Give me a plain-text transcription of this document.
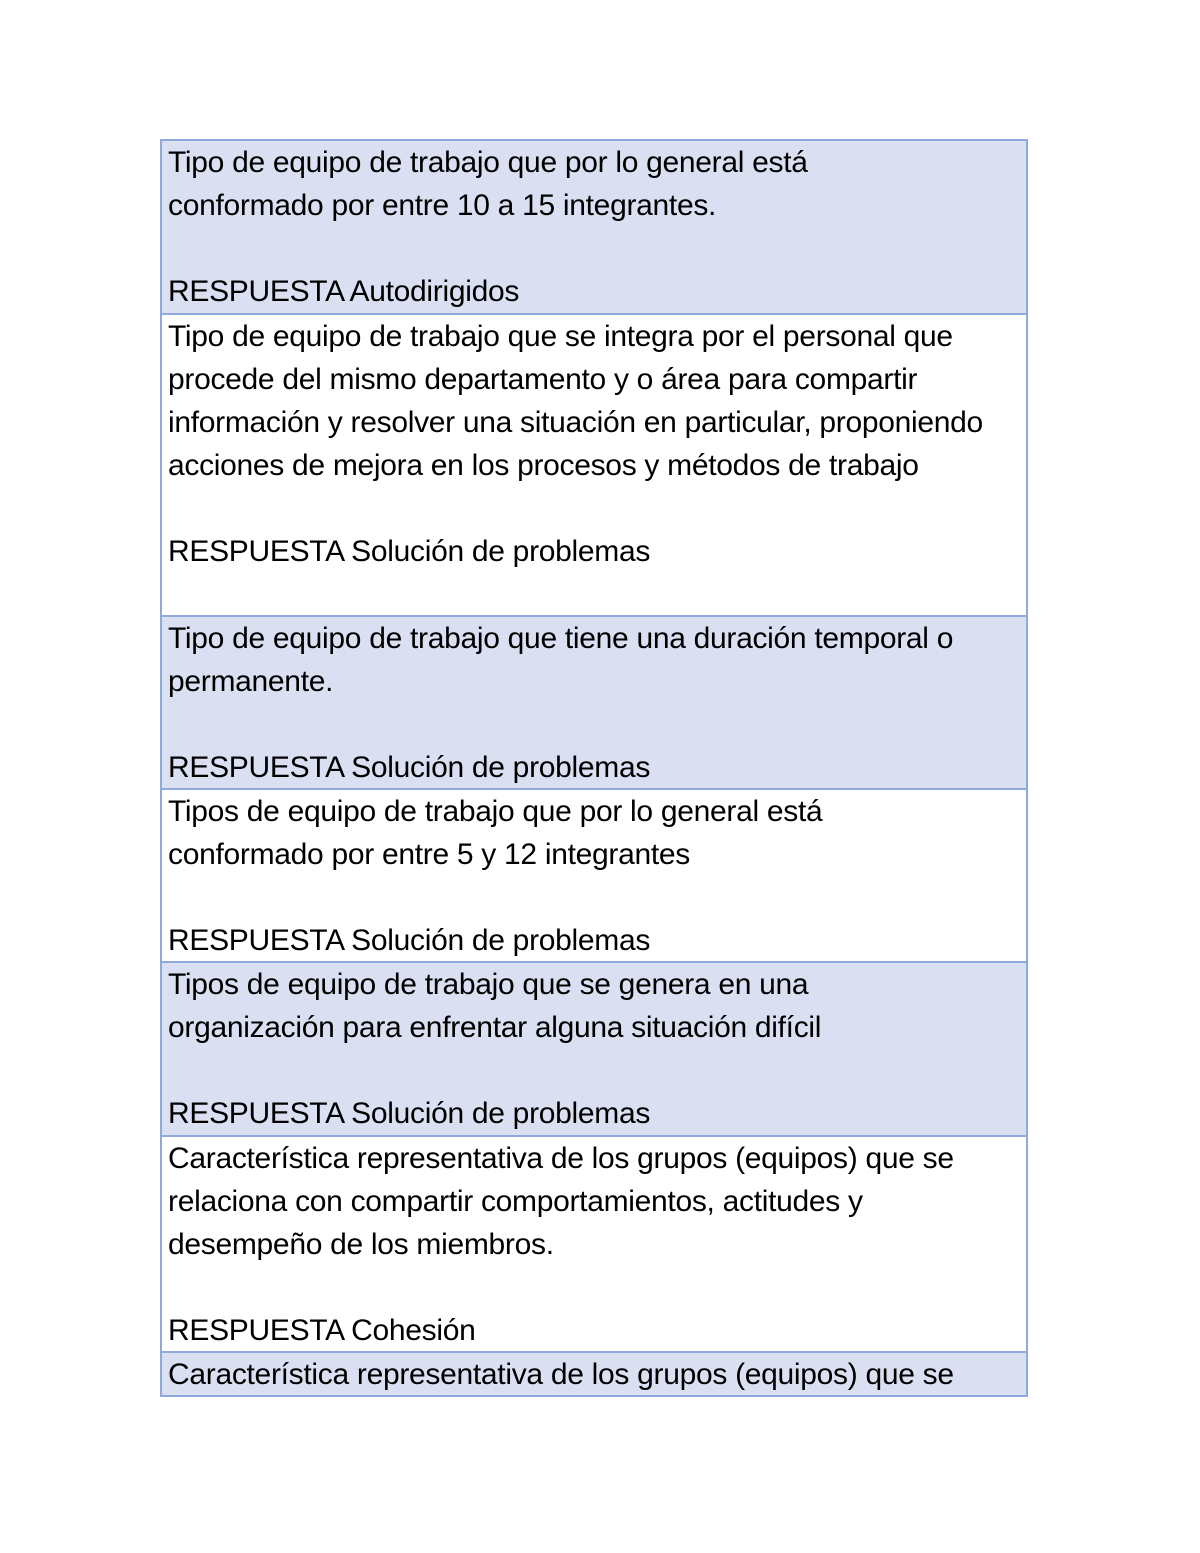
Tipo de equipo de trabajo que por lo general está conformado por entre 10 a 15 integrantes.
RESPUESTA Autodirigidos
Tipo de equipo de trabajo que se integra por el personal que procede del mismo departamento y o área para compartir información y resolver una situación en particular, proponiendo acciones de mejora en los procesos y métodos de trabajo
RESPUESTA Solución de problemas
Tipo de equipo de trabajo que tiene una duración temporal o permanente.
RESPUESTA Solución de problemas
Tipos de equipo de trabajo que por lo general está conformado por entre 5 y 12 integrantes
RESPUESTA Solución de problemas
Tipos de equipo de trabajo que se genera en una organización para enfrentar alguna situación difícil
RESPUESTA Solución de problemas
Característica representativa de los grupos (equipos) que se relaciona con compartir comportamientos, actitudes y desempeño de los miembros.
RESPUESTA Cohesión
Característica representativa de los grupos (equipos) que se
